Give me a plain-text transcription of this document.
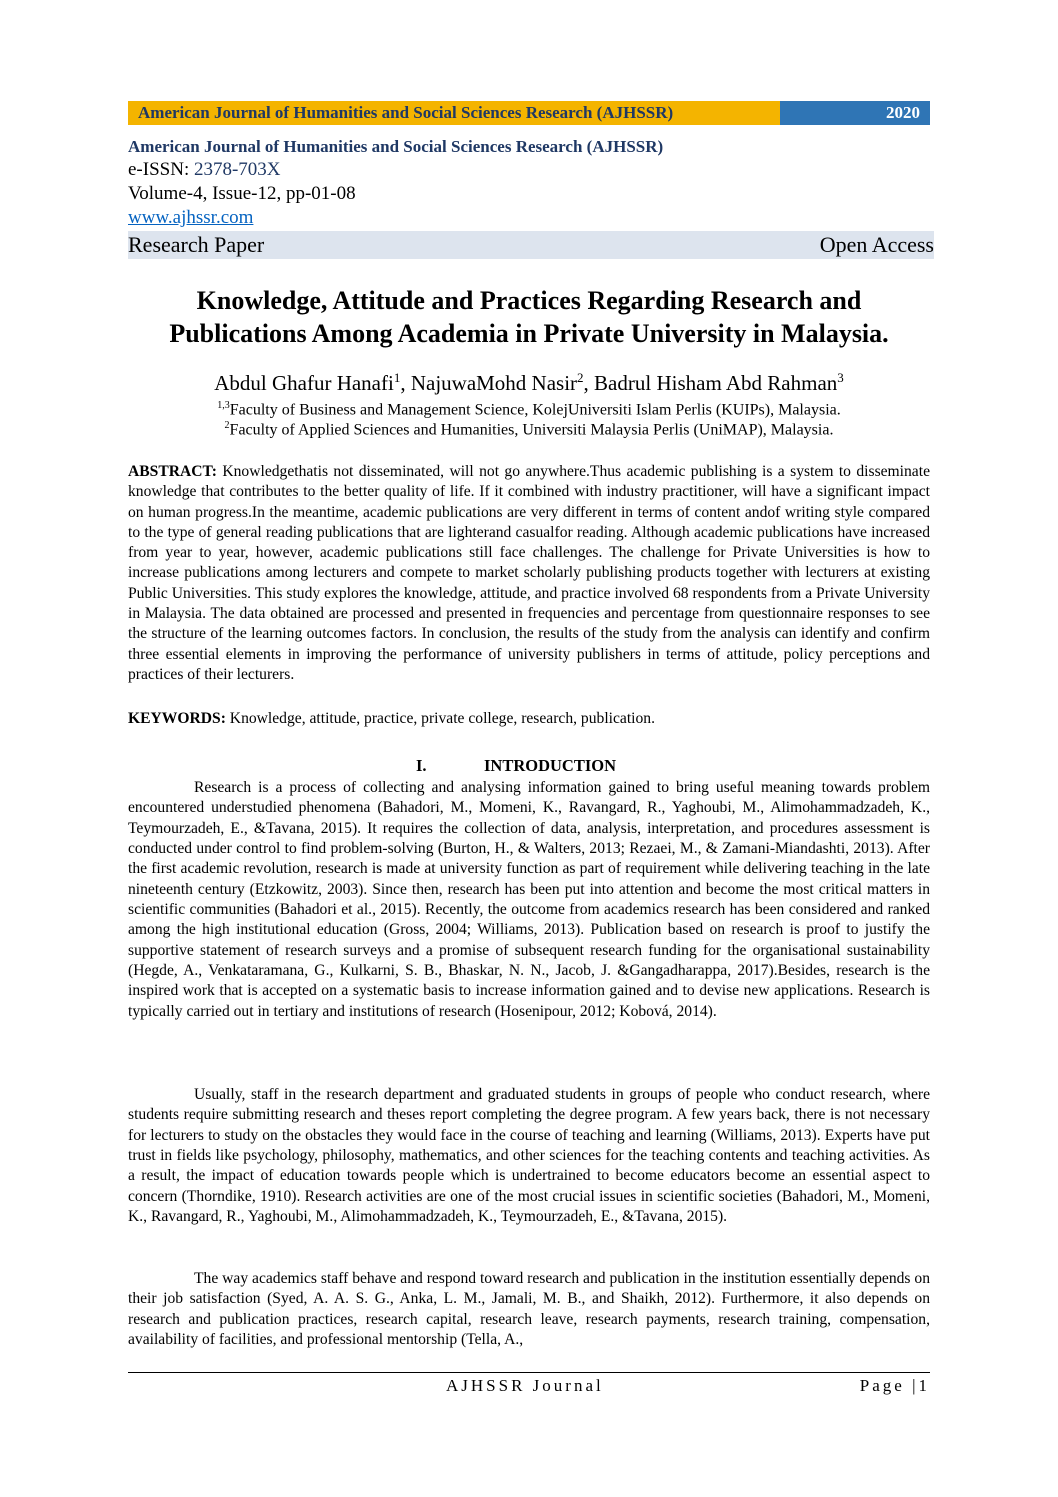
American Journal of Humanities and Social Sciences Research (AJHSSR)	2020
American Journal of Humanities and Social Sciences Research (AJHSSR)
e-ISSN: 2378-703X
Volume-4, Issue-12, pp-01-08
www.ajhssr.com
Research Paper	Open Access
Knowledge, Attitude and Practices Regarding Research and
Publications Among Academia in Private University in Malaysia.
Abdul Ghafur Hanafi$^1$, NajuwaMohd Nasir$^2$, Badrul Hisham Abd Rahman$^3$
$^{1,3}$Faculty of Business and Management Science, KolejUniversiti Islam Perlis (KUIPs), Malaysia.
$^2$Faculty of Applied Sciences and Humanities, Universiti Malaysia Perlis (UniMAP), Malaysia.
ABSTRACT: Knowledgethatis not disseminated, will not go anywhere.Thus academic publishing is a system to disseminate knowledge that contributes to the better quality of life. If it combined with industry practitioner, will have a significant impact on human progress.In the meantime, academic publications are very different in terms of content andof writing style compared to the type of general reading publications that are lighterand casualfor reading. Although academic publications have increased from year to year, however, academic publications still face challenges. The challenge for Private Universities is how to increase publications among lecturers and compete to market scholarly publishing products together with lecturers at existing Public Universities. This study explores the knowledge, attitude, and practice involved 68 respondents from a Private University in Malaysia. The data obtained are processed and presented in frequencies and percentage from questionnaire responses to see the structure of the learning outcomes factors. In conclusion, the results of the study from the analysis can identify and confirm three essential elements in improving the performance of university publishers in terms of attitude, policy perceptions and practices of their lecturers.
KEYWORDS: Knowledge, attitude, practice, private college, research, publication.
I.	INTRODUCTION
Research is a process of collecting and analysing information gained to bring useful meaning towards problem encountered understudied phenomena (Bahadori, M., Momeni, K., Ravangard, R., Yaghoubi, M., Alimohammadzadeh, K., Teymourzadeh, E., &Tavana, 2015). It requires the collection of data, analysis, interpretation, and procedures assessment is conducted under control to find problem-solving (Burton, H., & Walters, 2013; Rezaei, M., & Zamani-Miandashti, 2013). After the first academic revolution, research is made at university function as part of requirement while delivering teaching in the late nineteenth century (Etzkowitz, 2003). Since then, research has been put into attention and become the most critical matters in scientific communities (Bahadori et al., 2015). Recently, the outcome from academics research has been considered and ranked among the high institutional education (Gross, 2004; Williams, 2013). Publication based on research is proof to justify the supportive statement of research surveys and a promise of subsequent research funding for the organisational sustainability (Hegde, A., Venkataramana, G., Kulkarni, S. B., Bhaskar, N. N., Jacob, J. &Gangadharappa, 2017).Besides, research is the inspired work that is accepted on a systematic basis to increase information gained and to devise new applications. Research is typically carried out in tertiary and institutions of research (Hosenipour, 2012; Kobová, 2014).
Usually, staff in the research department and graduated students in groups of people who conduct research, where students require submitting research and theses report completing the degree program. A few years back, there is not necessary for lecturers to study on the obstacles they would face in the course of teaching and learning (Williams, 2013). Experts have put trust in fields like psychology, philosophy, mathematics, and other sciences for the teaching contents and teaching activities. As a result, the impact of education towards people which is undertrained to become educators become an essential aspect to concern (Thorndike, 1910). Research activities are one of the most crucial issues in scientific societies (Bahadori, M., Momeni, K., Ravangard, R., Yaghoubi, M., Alimohammadzadeh, K., Teymourzadeh, E., &Tavana, 2015).
The way academics staff behave and respond toward research and publication in the institution essentially depends on their job satisfaction (Syed, A. A. S. G., Anka, L. M., Jamali, M. B., and Shaikh, 2012). Furthermore, it also depends on research and publication practices, research capital, research leave, research payments, research training, compensation, availability of facilities, and professional mentorship (Tella, A.,
AJHSSR Journal	Page |1
